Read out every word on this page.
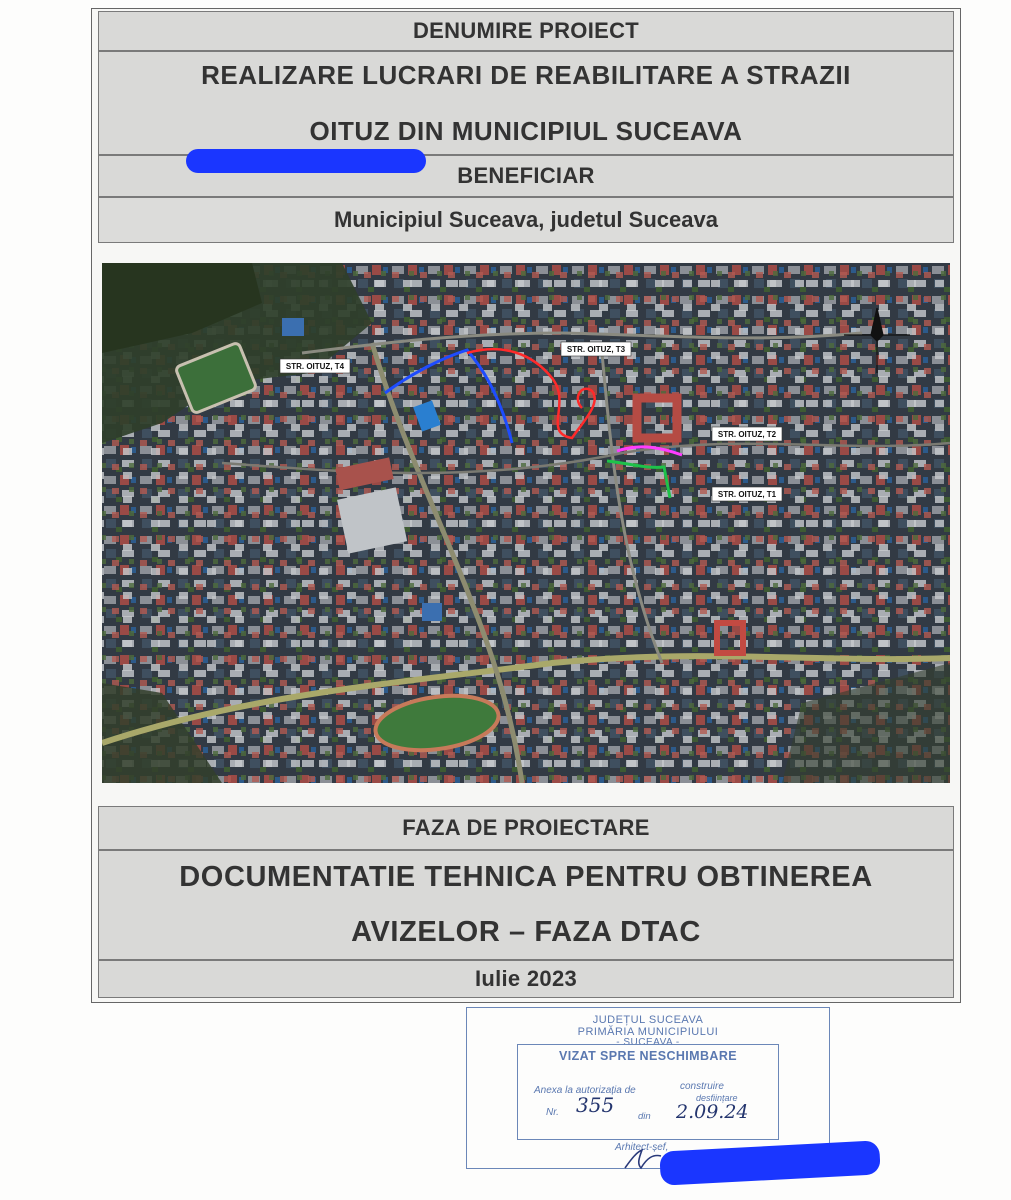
DENUMIRE PROIECT
REALIZARE LUCRARI DE REABILITARE A STRAZII
OITUZ DIN MUNICIPIUL SUCEAVA
BENEFICIAR
Municipiul Suceava, judetul Suceava
STR. OITUZ, T4
STR. OITUZ, T3
STR. OITUZ, T2
STR. OITUZ, T1
FAZA DE PROIECTARE
DOCUMENTATIE TEHNICA PENTRU OBTINEREA
AVIZELOR – FAZA DTAC
Iulie 2023
JUDEȚUL SUCEAVA
PRIMĂRIA MUNICIPIULUI
- SUCEAVA -
VIZAT SPRE NESCHIMBARE
Anexa la autorizația de	construire
desființare
Nr. 355	din 2.09.24
Arhitect-șef,
